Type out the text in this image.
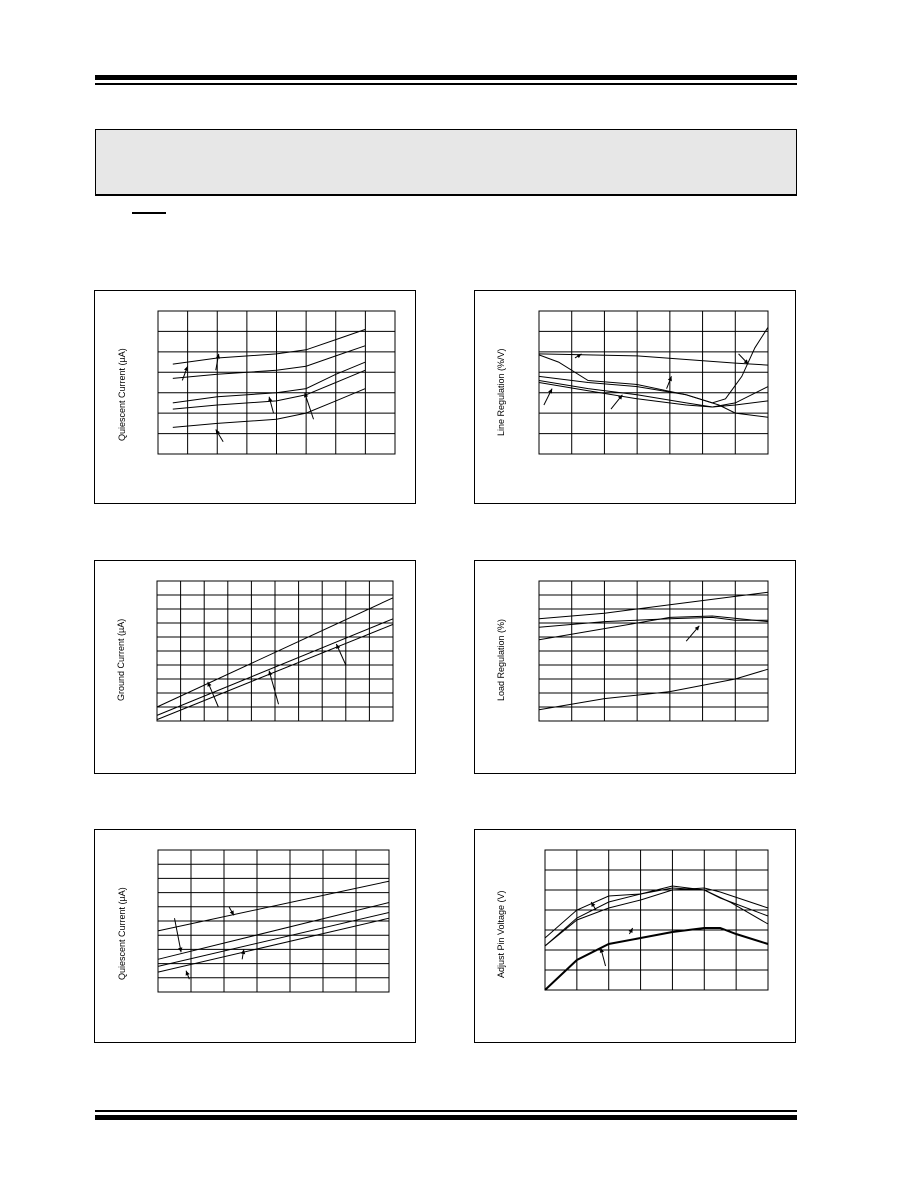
Quiescent Current (µA)	Line Regulation (%/V)
Ground Current (µA)	Load Regulation (%)
Quiescent Current (µA)	Adjust Pin Voltage (V)
